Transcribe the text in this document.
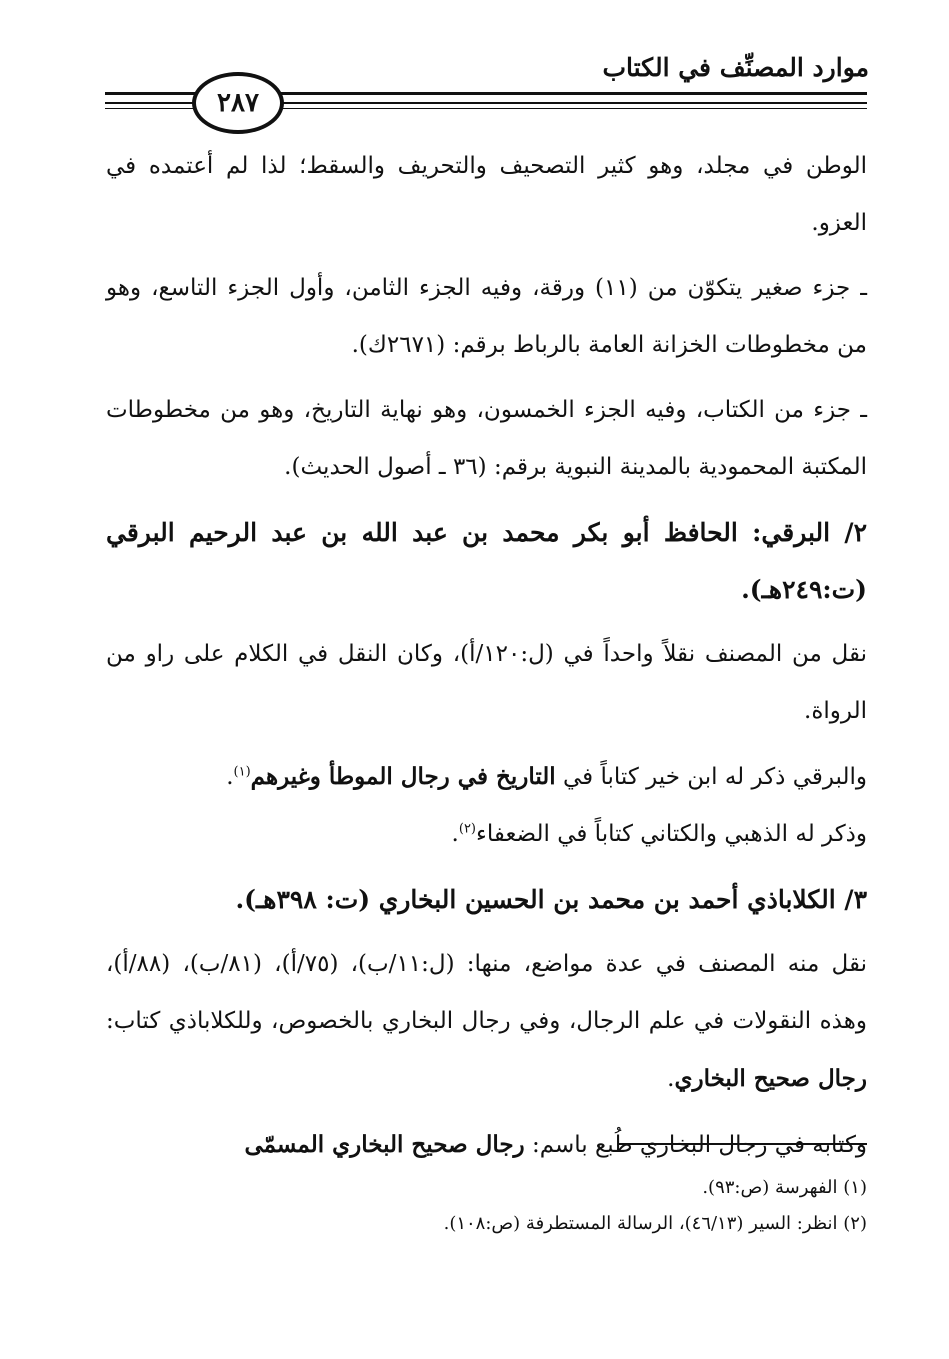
موارد المصنِّف في الكتاب
٢٨٧

الوطن في مجلد، وهو كثير التصحيف والتحريف والسقط؛ لذا لم أعتمده في العزو.

ـ جزء صغير يتكوّن من (١١) ورقة، وفيه الجزء الثامن، وأول الجزء التاسع، وهو من مخطوطات الخزانة العامة بالرباط برقم: (٢٦٧١ك).

ـ جزء من الكتاب، وفيه الجزء الخمسون، وهو نهاية التاريخ، وهو من مخطوطات المكتبة المحمودية بالمدينة النبوية برقم: (٣٦ ـ أصول الحديث).

٢/ البرقي: الحافظ أبو بكر محمد بن عبد الله بن عبد الرحيم البرقي (ت:٢٤٩هـ).

نقل من المصنف نقلاً واحداً في (ل:١٢٠/أ)، وكان النقل في الكلام على راو من الرواة.

والبرقي ذكر له ابن خير كتاباً في التاريخ في رجال الموطأ وغيرهم$^{(١)}$.

وذكر له الذهبي والكتاني كتاباً في الضعفاء$^{(٢)}$.

٣/ الكلاباذي أحمد بن محمد بن الحسين البخاري (ت: ٣٩٨هـ).

نقل منه المصنف في عدة مواضع، منها: (ل:١١/ب)، (٧٥/أ)، (٨١/ب)، (٨٨/أ)، وهذه النقولات في علم الرجال، وفي رجال البخاري بالخصوص، وللكلاباذي كتاب: رجال صحيح البخاري.

وكتابه في رجال البخاري طُبع باسم: رجال صحيح البخاري المسمّى

(١) الفهرسة (ص:٩٣).

(٢) انظر: السير (٤٦/١٣)، الرسالة المستطرفة (ص:١٠٨).
